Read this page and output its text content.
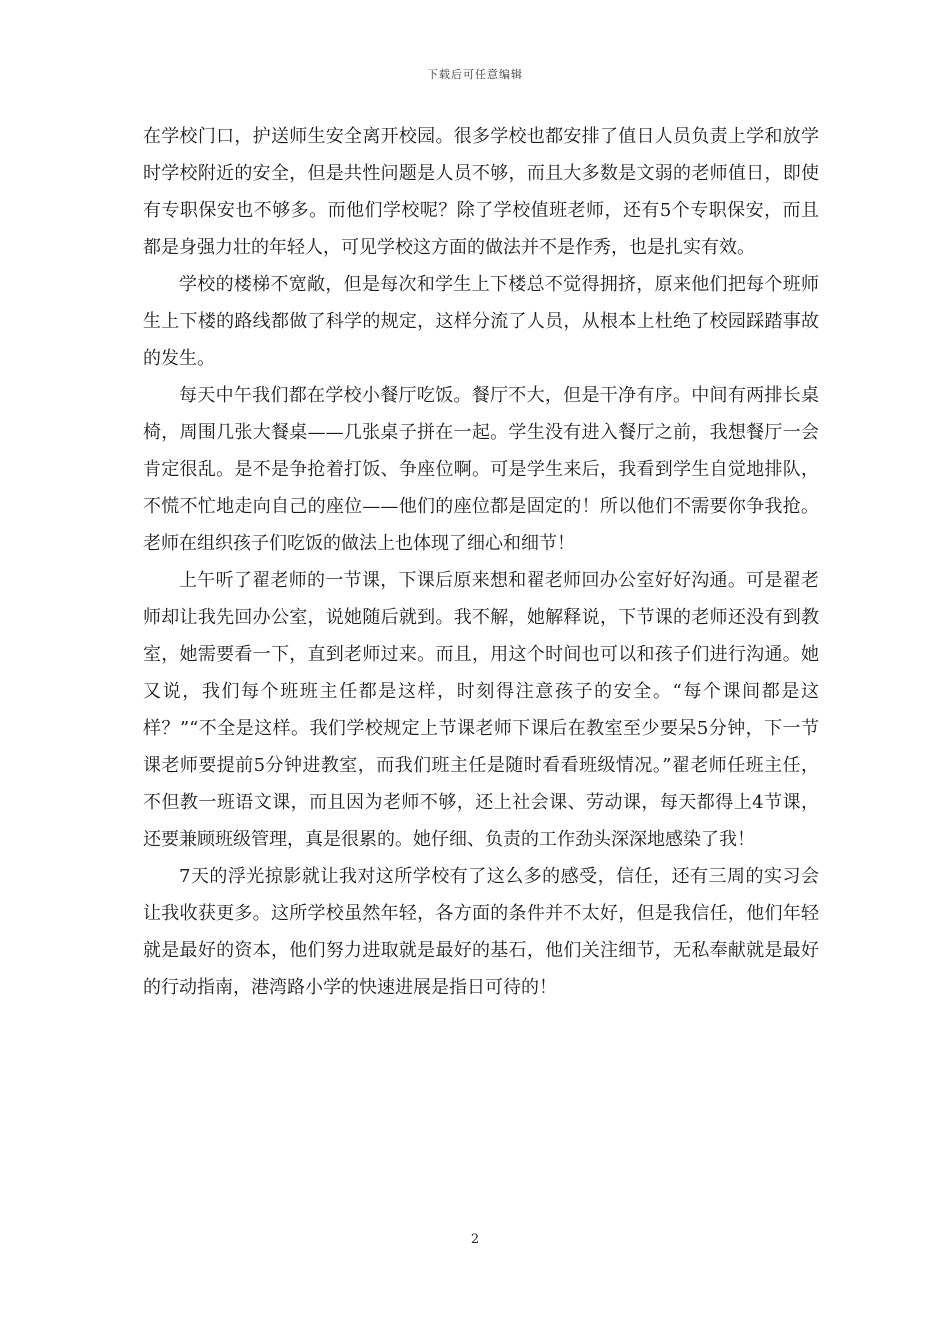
下载后可任意编辑

在学校门口，护送师生安全离开校园。很多学校也都安排了值日人员负责上学和放学时学校附近的安全，但是共性问题是人员不够，而且大多数是文弱的老师值日，即使有专职保安也不够多。而他们学校呢？除了学校值班老师，还有5个专职保安，而且都是身强力壮的年轻人，可见学校这方面的做法并不是作秀，也是扎实有效。

学校的楼梯不宽敞，但是每次和学生上下楼总不觉得拥挤，原来他们把每个班师生上下楼的路线都做了科学的规定，这样分流了人员，从根本上杜绝了校园踩踏事故的发生。

每天中午我们都在学校小餐厅吃饭。餐厅不大，但是干净有序。中间有两排长桌椅，周围几张大餐桌——几张桌子拼在一起。学生没有进入餐厅之前，我想餐厅一会肯定很乱。是不是争抢着打饭、争座位啊。可是学生来后，我看到学生自觉地排队，不慌不忙地走向自己的座位——他们的座位都是固定的！所以他们不需要你争我抢。老师在组织孩子们吃饭的做法上也体现了细心和细节！

上午听了翟老师的一节课，下课后原来想和翟老师回办公室好好沟通。可是翟老师却让我先回办公室，说她随后就到。我不解，她解释说，下节课的老师还没有到教室，她需要看一下，直到老师过来。而且，用这个时间也可以和孩子们进行沟通。她又说，我们每个班班主任都是这样，时刻得注意孩子的安全。“每个课间都是这样？”“不全是这样。我们学校规定上节课老师下课后在教室至少要呆5分钟，下一节课老师要提前5分钟进教室，而我们班主任是随时看看班级情况。”翟老师任班主任，不但教一班语文课，而且因为老师不够，还上社会课、劳动课，每天都得上4节课，还要兼顾班级管理，真是很累的。她仔细、负责的工作劲头深深地感染了我！

7天的浮光掠影就让我对这所学校有了这么多的感受，信任，还有三周的实习会让我收获更多。这所学校虽然年轻，各方面的条件并不太好，但是我信任，他们年轻就是最好的资本，他们努力进取就是最好的基石，他们关注细节，无私奉献就是最好的行动指南，港湾路小学的快速进展是指日可待的！

2
